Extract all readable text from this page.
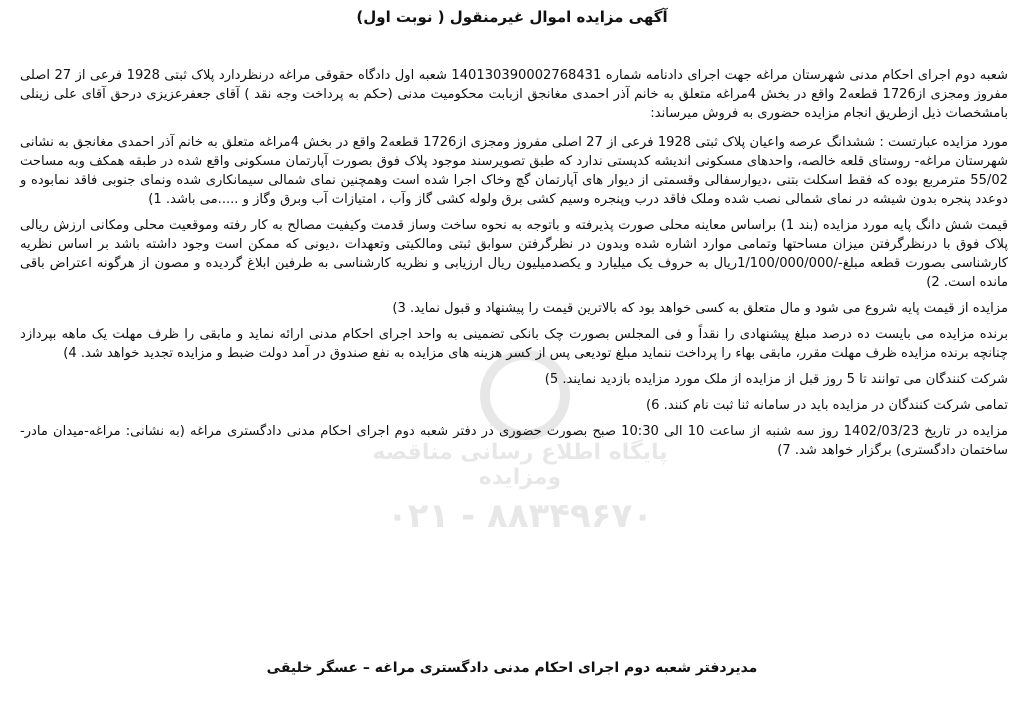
پایگاه اطلاع رسانی مناقصه ومزایده
۰۲۱ - ۸۸۳۴۹۶۷۰
آگهی مزایده اموال غیرمنقول ( نوبت اول)

شعبه دوم اجرای احکام مدنی شهرستان مراغه جهت اجرای دادنامه شماره 140130390002768431 شعبه اول دادگاه حقوقی مراغه درنظردارد پلاک ثبتی 1928 فرعی از 27 اصلی مفروز ومجزی از1726 قطعه2 واقع در بخش 4مراغه متعلق به خانم آذر احمدی مغانجق ازبابت محکومیت مدنی (حکم به پرداخت وجه نقد ) آقای جعفرعزیزی درحق آقای علی زینلی بامشخصات ذیل ازطریق انجام مزایده حضوری به فروش میرساند:

مورد مزایده عبارتست : ششدانگ عرصه واعیان پلاک ثبتی 1928 فرعی از 27 اصلی مفروز ومجزی از1726 قطعه2 واقع در بخش 4مراغه متعلق به خانم آذر احمدی مغانجق به نشانی شهرستان مراغه- روستای قلعه خالصه، واحدهای مسکونی اندیشه کدپستی ندارد که طبق تصویرسند موجود پلاک فوق بصورت آپارتمان مسکونی واقع شده در طبقه همکف وبه مساحت 55/02 مترمربع بوده که فقط اسکلت بتنی ،دیوارسفالی وقسمتی از دیوار های آپارتمان گچ وخاک اجرا شده است وهمچنین نمای شمالی سیمانکاری شده ونمای جنوبی فاقد نمابوده و دوعدد پنجره بدون شیشه در نمای شمالی نصب شده وملک فاقد درب وپنجره وسیم کشی برق ولوله کشی گاز وآب ، امتیازات آب وبرق وگاز و .....می باشد. 1)

قیمت شش دانگ پایه مورد مزایده (بند 1) براساس معاینه محلی صورت پذیرفته و باتوجه به نحوه ساخت وساز قدمت وکیفیت مصالح به کار رفته وموقعیت محلی ومکانی ارزش ریالی پلاک فوق با درنظرگرفتن میزان مساحتها وتمامی موارد اشاره شده وبدون در نظرگرفتن سوابق ثبتی ومالکیتی وتعهدات ،دیونی که ممکن است وجود داشته باشد بر اساس نظریه کارشناسی بصورت قطعه مبلغ-/1/100/000/000ریال به حروف یک میلیارد و یکصدمیلیون ریال ارزیابی و نظریه کارشناسی به طرفین ابلاغ گردیده و مصون از هرگونه اعتراض باقی مانده است. 2)

مزایده از قیمت پایه شروع می شود و مال متعلق به کسی خواهد بود که بالاترین قیمت را پیشنهاد و قبول نماید. 3)

برنده مزایده می بایست ده درصد مبلغ پیشنهادی را نقداً و فی المجلس بصورت چک بانکی تضمینی به واحد اجرای احکام مدنی ارائه نماید و مابقی را ظرف مهلت یک ماهه بپردازد چنانچه برنده مزایده ظرف مهلت مقرر، مابقی بهاء را پرداخت ننماید مبلغ تودیعی پس از کسر هزینه های مزایده به نفع صندوق در آمد دولت ضبط و مزایده تجدید خواهد شد. 4)

شرکت کنندگان می توانند تا 5 روز قبل از مزایده از ملک مورد مزایده بازدید نمایند. 5)

تمامی شرکت کنندگان در مزایده باید در سامانه ثنا ثبت نام کنند. 6)

مزایده در تاریخ 1402/03/23 روز سه شنبه از ساعت 10 الی 10:30 صبح بصورت حضوری در دفتر شعبه دوم اجرای احکام مدنی دادگستری مراغه (به نشانی: مراغه-میدان مادر-ساختمان دادگستری) برگزار خواهد شد. 7)

مدیردفتر شعبه دوم اجرای احکام مدنی دادگستری مراغه – عسگر خلیقی
